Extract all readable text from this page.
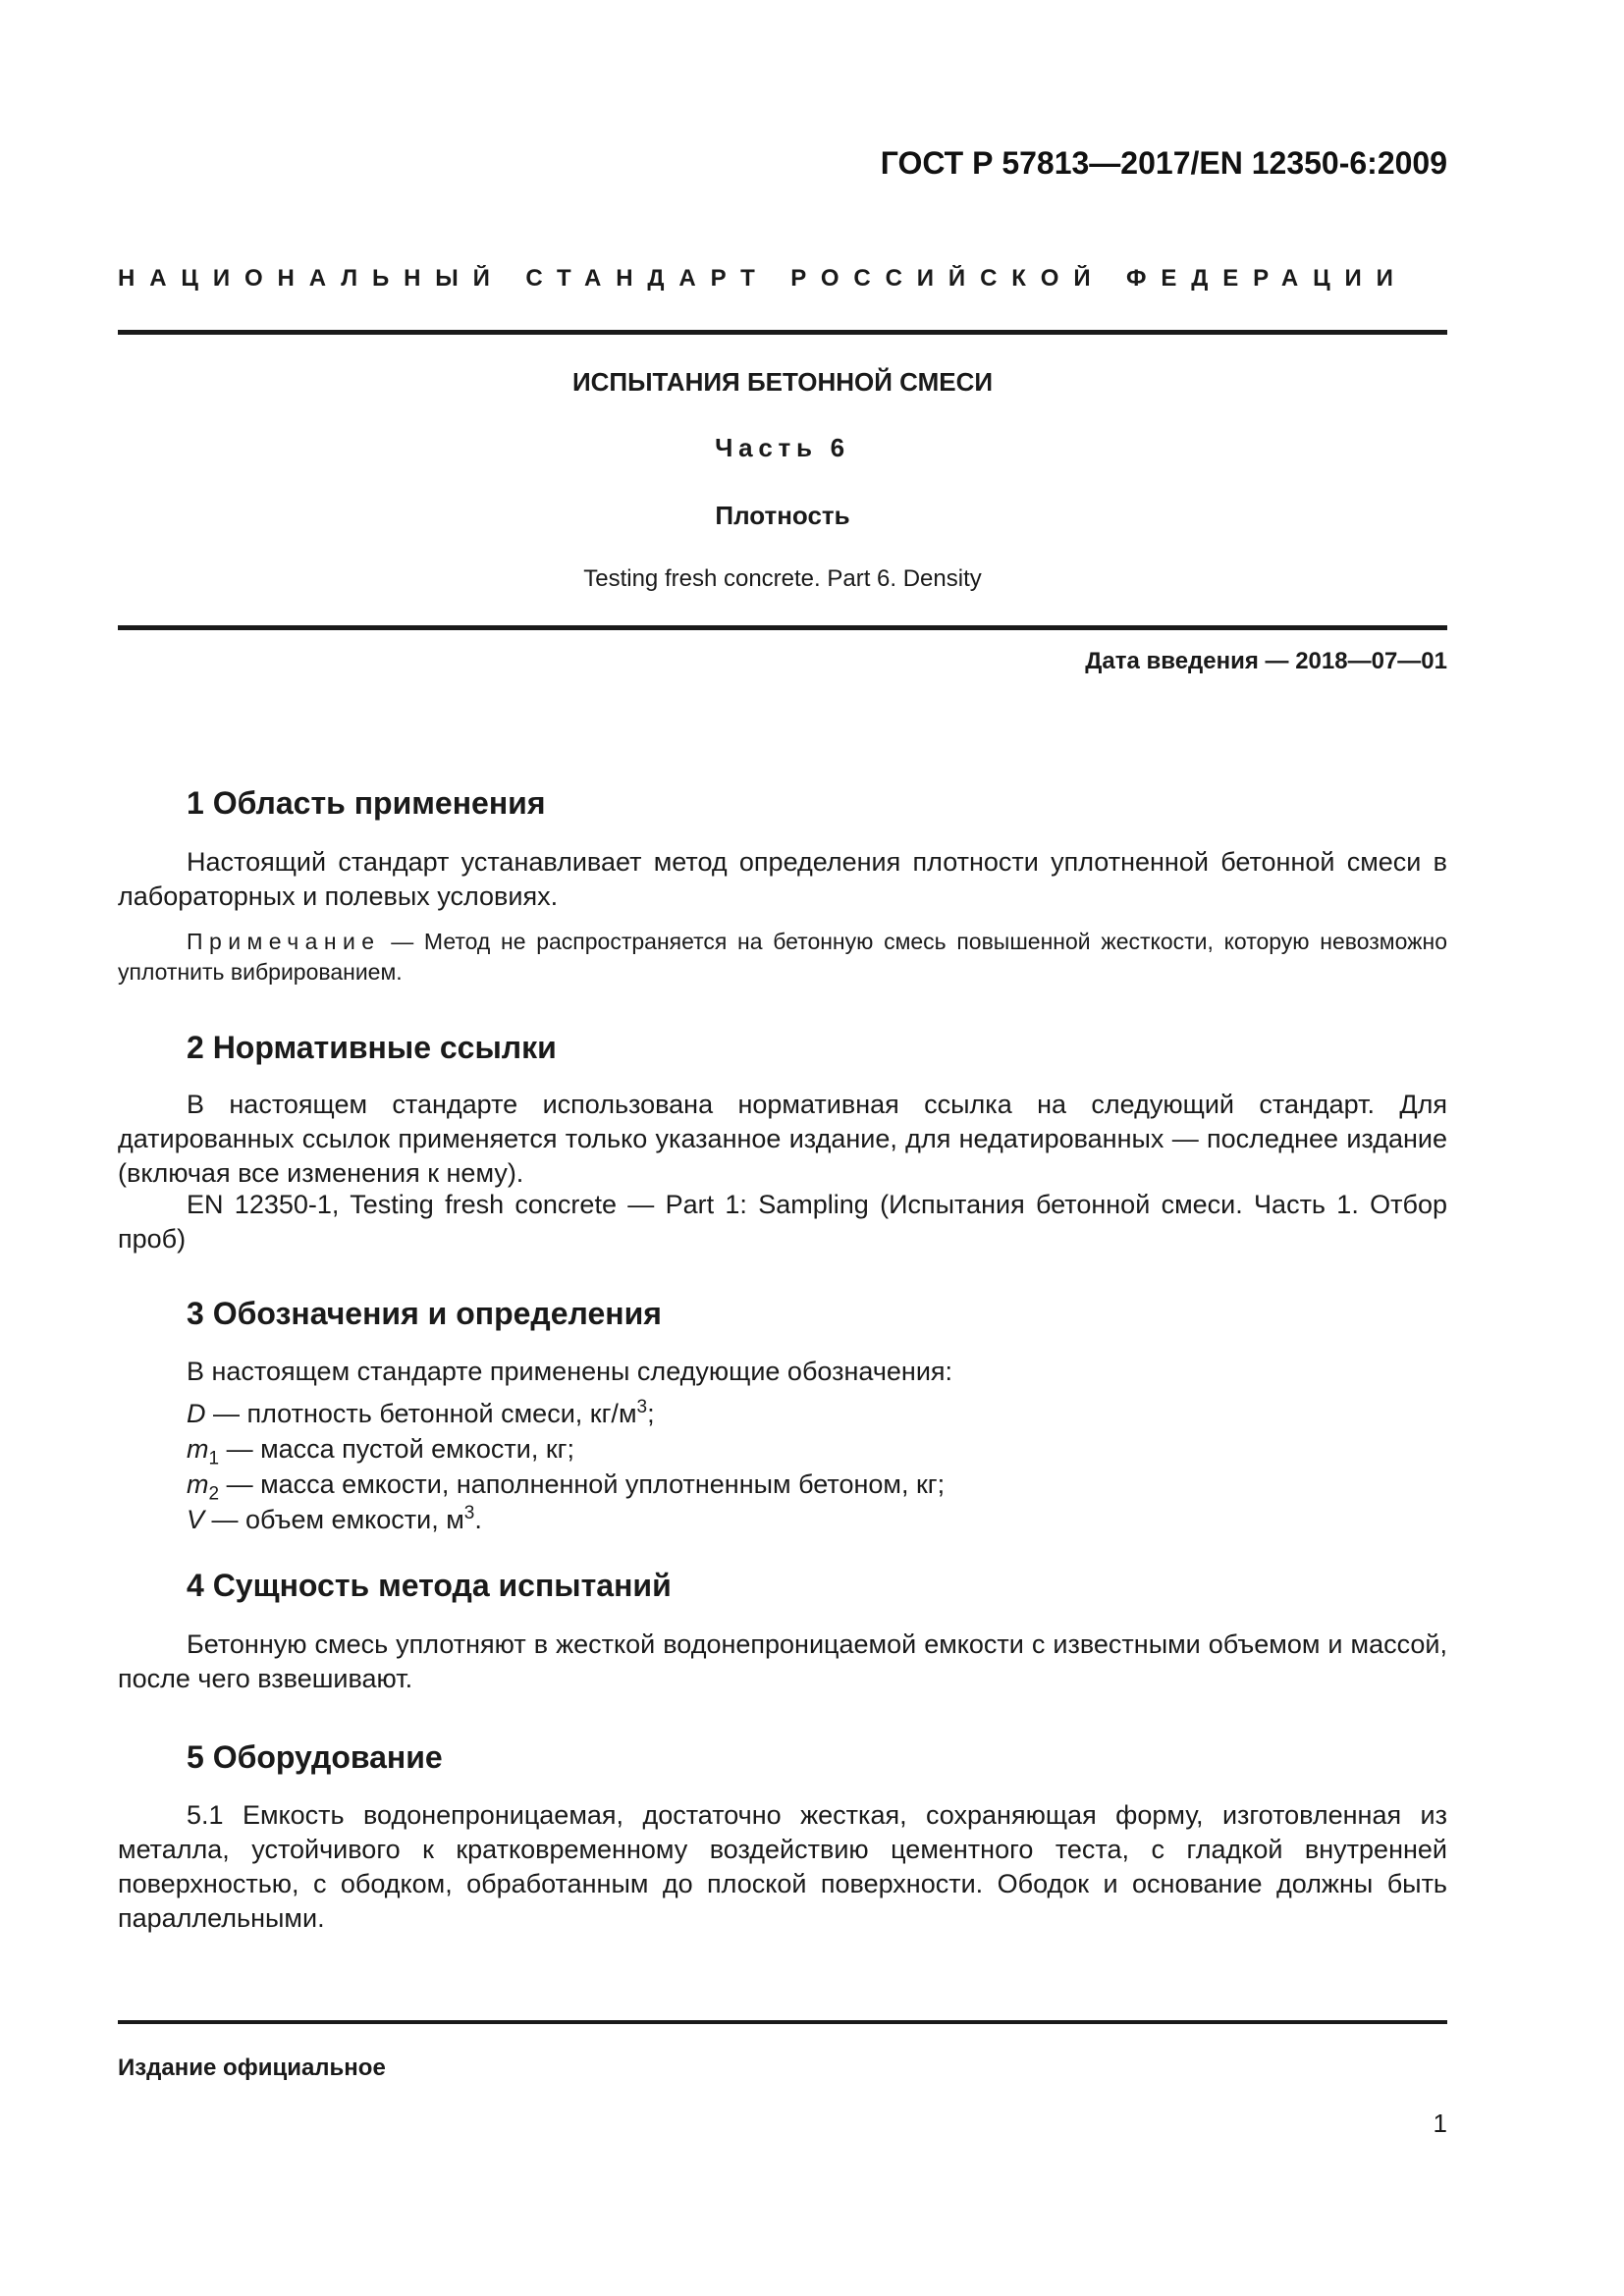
ГОСТ Р 57813—2017/EN 12350-6:2009
НАЦИОНАЛЬНЫЙ СТАНДАРТ РОССИЙСКОЙ ФЕДЕРАЦИИ
ИСПЫТАНИЯ БЕТОННОЙ СМЕСИ
Часть 6
Плотность
Testing fresh concrete. Part 6. Density
Дата введения — 2018—07—01
1 Область применения

Настоящий стандарт устанавливает метод определения плотности уплотненной бетонной смеси в лабораторных и полевых условиях.

Примечание — Метод не распространяется на бетонную смесь повышенной жесткости, которую невозможно уплотнить вибрированием.

2 Нормативные ссылки

В настоящем стандарте использована нормативная ссылка на следующий стандарт. Для датированных ссылок применяется только указанное издание, для недатированных — последнее издание (включая все изменения к нему).

EN 12350-1, Testing fresh concrete — Part 1: Sampling (Испытания бетонной смеси. Часть 1. Отбор проб)

3 Обозначения и определения

В настоящем стандарте применены следующие обозначения:

D — плотность бетонной смеси, $кг/м^3$;

$m_1$ — масса пустой емкости, кг;

$m_2$ — масса емкости, наполненной уплотненным бетоном, кг;

V — объем емкости, $м^3$.

4 Сущность метода испытаний

Бетонную смесь уплотняют в жесткой водонепроницаемой емкости с известными объемом и массой, после чего взвешивают.

5 Оборудование

5.1 Емкость водонепроницаемая, достаточно жесткая, сохраняющая форму, изготовленная из металла, устойчивого к кратковременному воздействию цементного теста, с гладкой внутренней поверхностью, с ободком, обработанным до плоской поверхности. Ободок и основание должны быть параллельными.

Издание официальное
1
